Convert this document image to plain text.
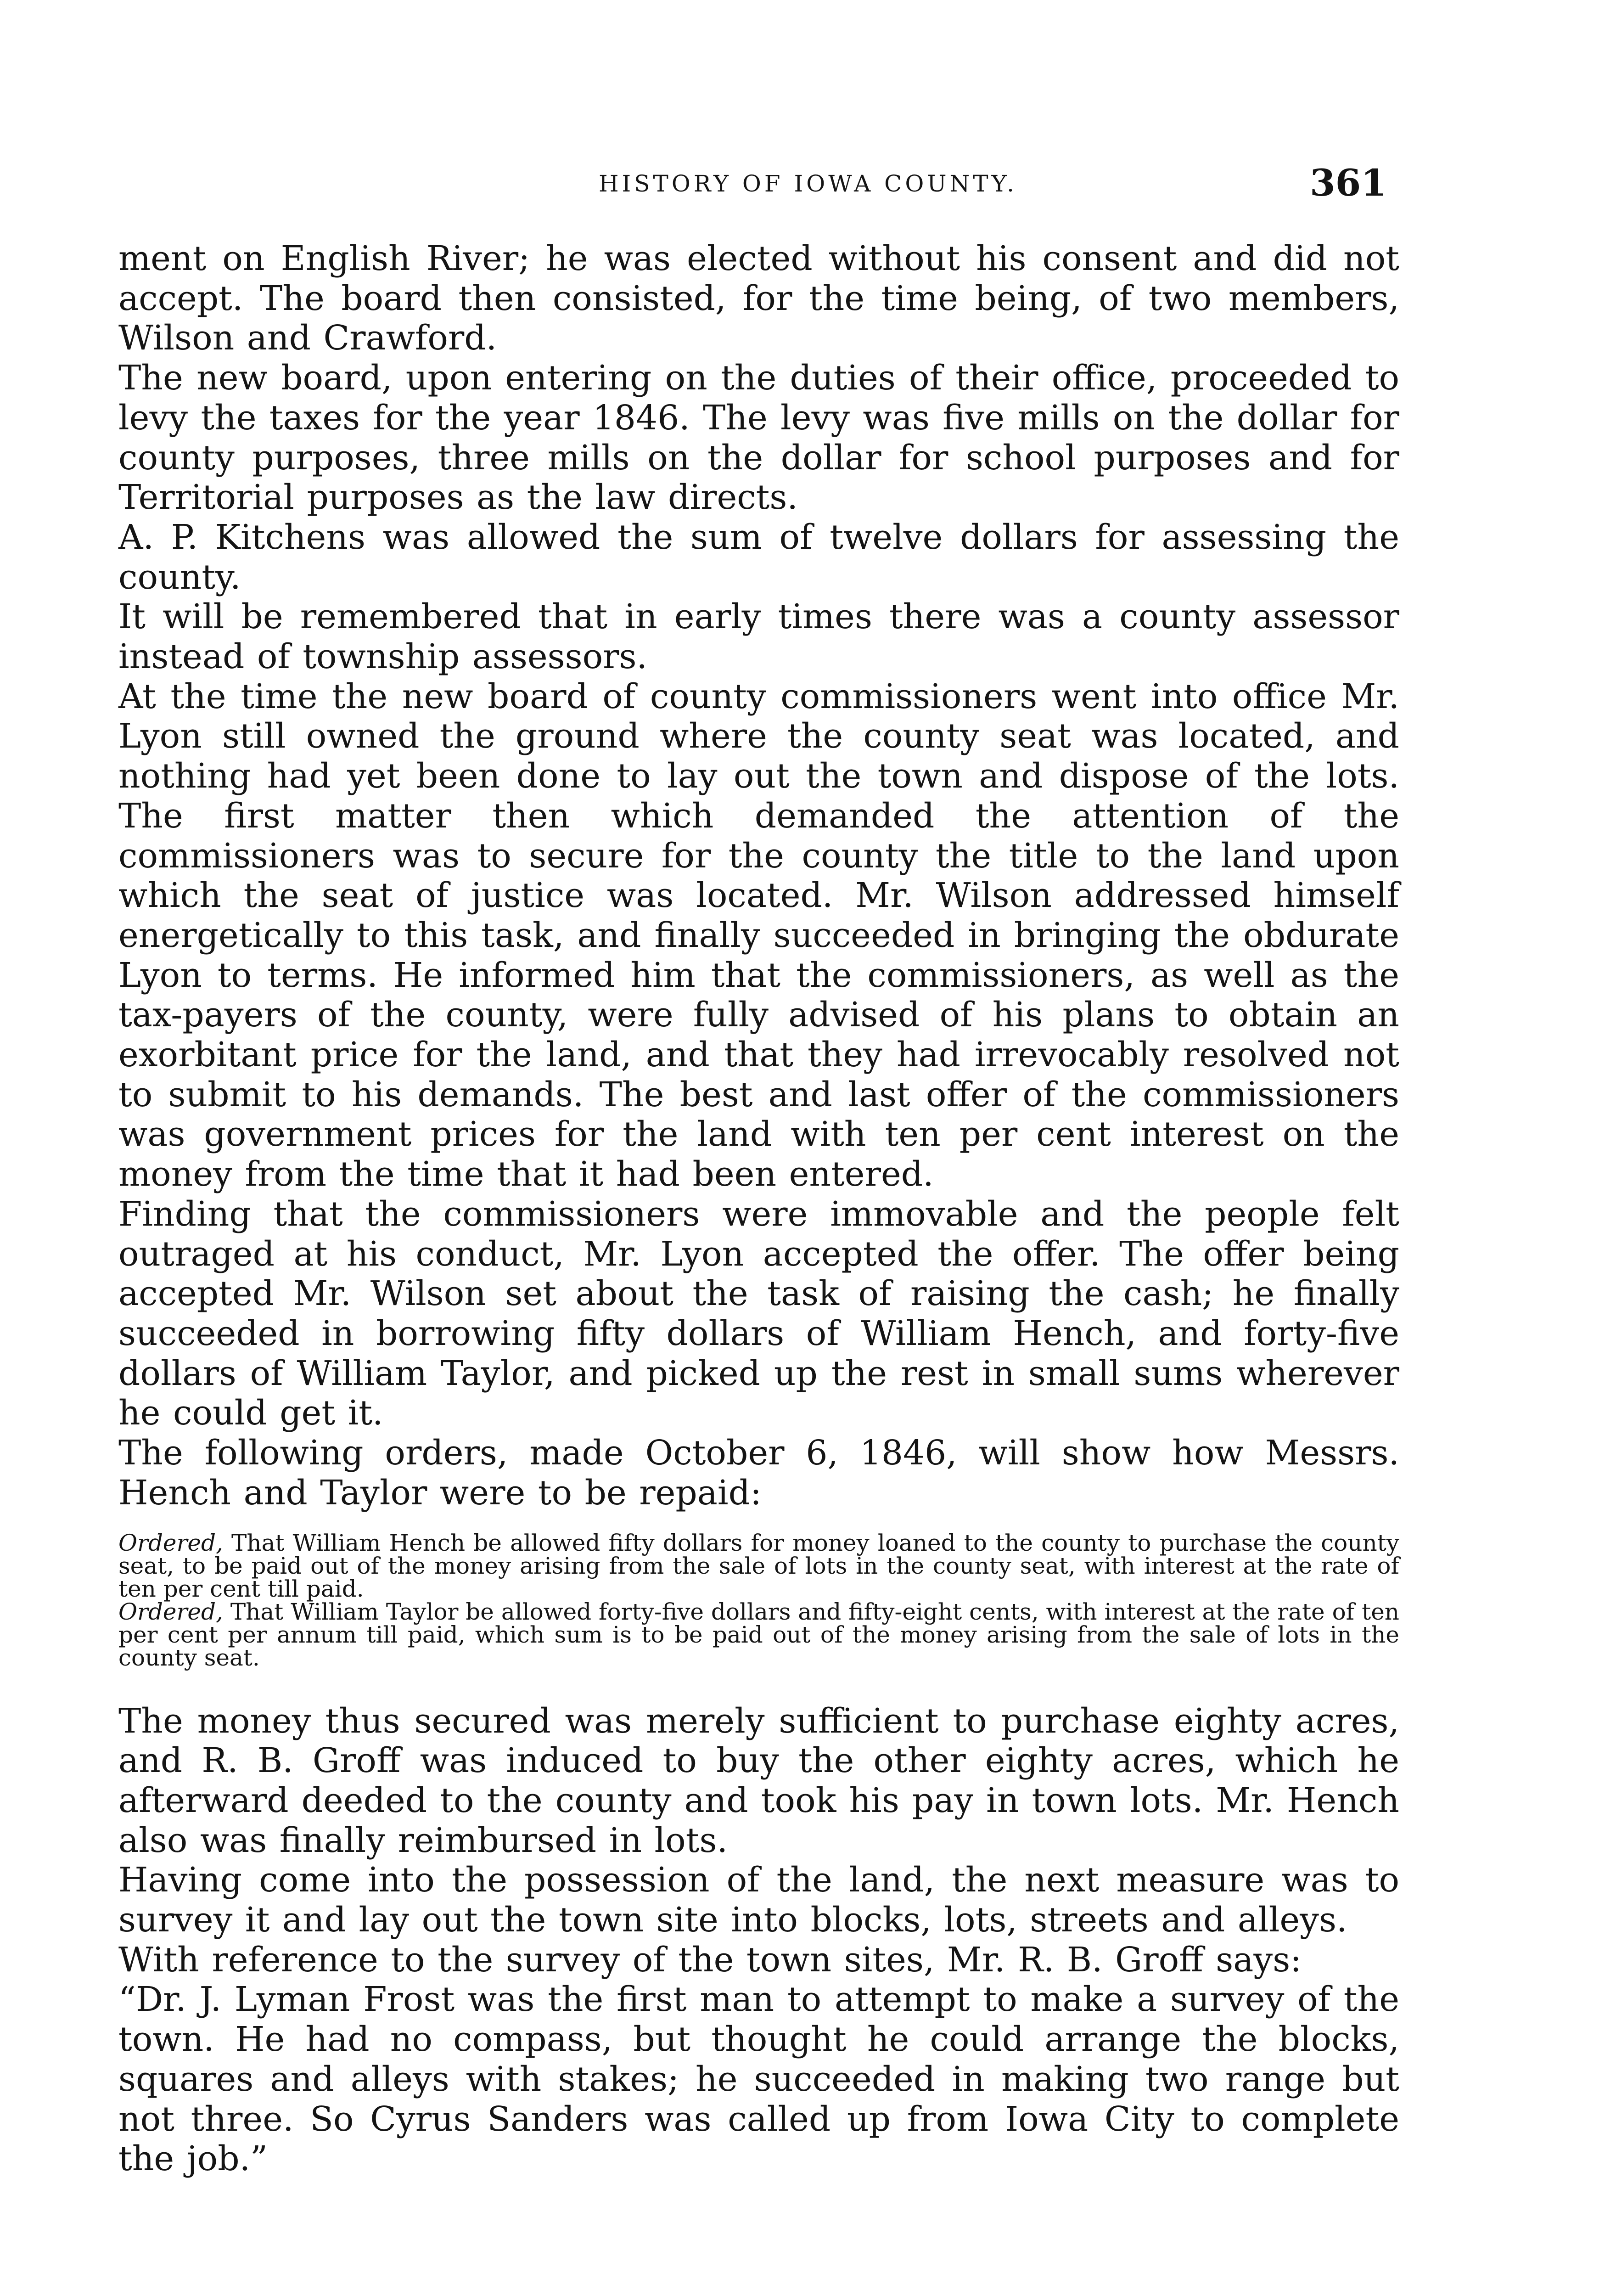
HISTORY OF IOWA COUNTY.	361

ment on English River; he was elected without his consent and did not accept. The board then consisted, for the time being, of two members, Wilson and Crawford.

The new board, upon entering on the duties of their office, proceeded to levy the taxes for the year 1846. The levy was five mills on the dollar for county purposes, three mills on the dollar for school purposes and for Territorial purposes as the law directs.

A. P. Kitchens was allowed the sum of twelve dollars for assessing the county.

It will be remembered that in early times there was a county assessor instead of township assessors.

At the time the new board of county commissioners went into office Mr. Lyon still owned the ground where the county seat was located, and nothing had yet been done to lay out the town and dispose of the lots. The first matter then which demanded the attention of the commissioners was to secure for the county the title to the land upon which the seat of justice was located. Mr. Wilson addressed himself energetically to this task, and finally succeeded in bringing the obdurate Lyon to terms. He informed him that the commissioners, as well as the tax-payers of the county, were fully advised of his plans to obtain an exorbitant price for the land, and that they had irrevocably resolved not to submit to his demands. The best and last offer of the commissioners was government prices for the land with ten per cent interest on the money from the time that it had been entered.

Finding that the commissioners were immovable and the people felt outraged at his conduct, Mr. Lyon accepted the offer. The offer being accepted Mr. Wilson set about the task of raising the cash; he finally succeeded in borrowing fifty dollars of William Hench, and forty-five dollars of William Taylor, and picked up the rest in small sums wherever he could get it.

The following orders, made October 6, 1846, will show how Messrs. Hench and Taylor were to be repaid:

Ordered, That William Hench be allowed fifty dollars for money loaned to the county to purchase the county seat, to be paid out of the money arising from the sale of lots in the county seat, with interest at the rate of ten per cent till paid.

Ordered, That William Taylor be allowed forty-five dollars and fifty-eight cents, with interest at the rate of ten per cent per annum till paid, which sum is to be paid out of the money arising from the sale of lots in the county seat.

The money thus secured was merely sufficient to purchase eighty acres, and R. B. Groff was induced to buy the other eighty acres, which he afterward deeded to the county and took his pay in town lots. Mr. Hench also was finally reimbursed in lots.

Having come into the possession of the land, the next measure was to survey it and lay out the town site into blocks, lots, streets and alleys.

With reference to the survey of the town sites, Mr. R. B. Groff says:

“Dr. J. Lyman Frost was the first man to attempt to make a survey of the town. He had no compass, but thought he could arrange the blocks, squares and alleys with stakes; he succeeded in making two range but not three. So Cyrus Sanders was called up from Iowa City to complete the job.”
